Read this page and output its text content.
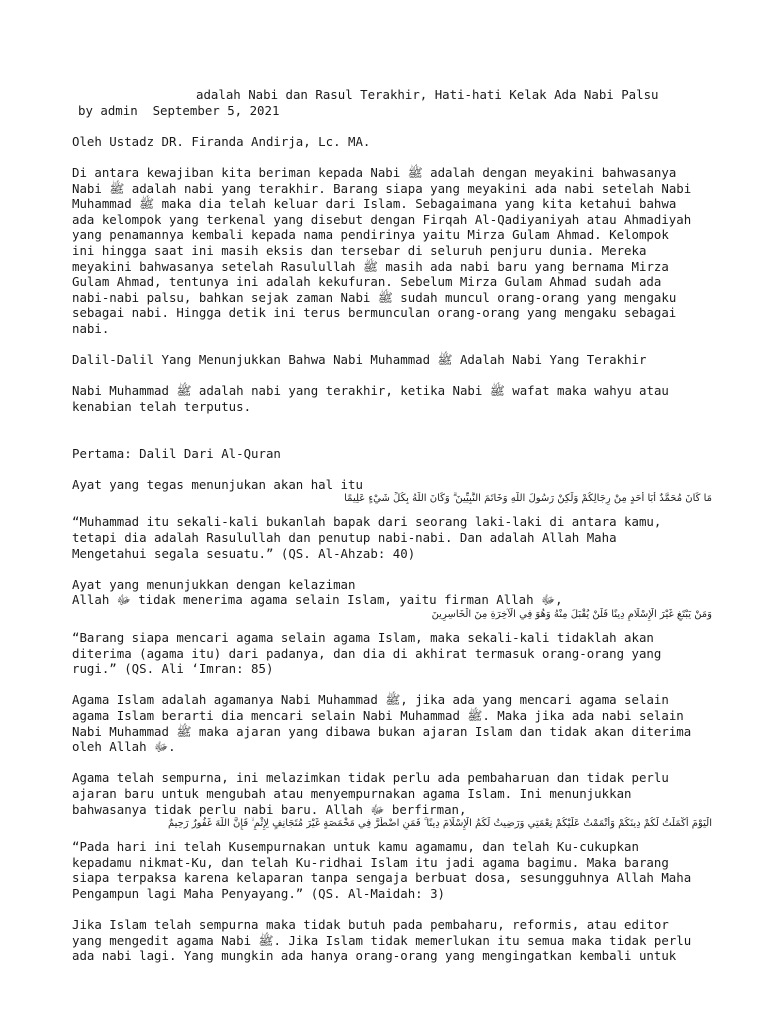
adalah Nabi dan Rasul Terakhir, Hati-hati Kelak Ada Nabi Palsu
by admin  September 5, 2021
Oleh Ustadz DR. Firanda Andirja, Lc. MA.
Di antara kewajiban kita beriman kepada Nabi ﷺ adalah dengan meyakini bahwasanya
Nabi ﷺ adalah nabi yang terakhir. Barang siapa yang meyakini ada nabi setelah Nabi
Muhammad ﷺ maka dia telah keluar dari Islam. Sebagaimana yang kita ketahui bahwa
ada kelompok yang terkenal yang disebut dengan Firqah Al-Qadiyaniyah atau Ahmadiyah
yang penamannya kembali kepada nama pendirinya yaitu Mirza Gulam Ahmad. Kelompok
ini hingga saat ini masih eksis dan tersebar di seluruh penjuru dunia. Mereka
meyakini bahwasanya setelah Rasulullah ﷺ masih ada nabi baru yang bernama Mirza
Gulam Ahmad, tentunya ini adalah kekufuran. Sebelum Mirza Gulam Ahmad sudah ada
nabi-nabi palsu, bahkan sejak zaman Nabi ﷺ sudah muncul orang-orang yang mengaku
sebagai nabi. Hingga detik ini terus bermunculan orang-orang yang mengaku sebagai
nabi.
Dalil-Dalil Yang Menunjukkan Bahwa Nabi Muhammad ﷺ Adalah Nabi Yang Terakhir
Nabi Muhammad ﷺ adalah nabi yang terakhir, ketika Nabi ﷺ wafat maka wahyu atau
kenabian telah terputus.
Pertama: Dalil Dari Al-Quran
Ayat yang tegas menunjukan akan hal itu
مَا كَانَ مُحَمَّدٌ أَبَا أَحَدٍ مِنْ رِجَالِكُمْ وَلَكِنْ رَسُولَ اللَّهِ وَخَاتَمَ النَّبِيِّينَ ۗ وَكَانَ اللَّهُ بِكُلِّ شَيْءٍ عَلِيمًا
“Muhammad itu sekali-kali bukanlah bapak dari seorang laki-laki di antara kamu,
tetapi dia adalah Rasulullah dan penutup nabi-nabi. Dan adalah Allah Maha
Mengetahui segala sesuatu.” (QS. Al-Ahzab: 40)
Ayat yang menunjukkan dengan kelaziman
Allah ﷻ tidak menerima agama selain Islam, yaitu firman Allah ﷻ,
وَمَنْ يَبْتَغِ غَيْرَ الْإِسْلَامِ دِينًا فَلَنْ يُقْبَلَ مِنْهُ وَهُوَ فِي الْآخِرَةِ مِنَ الْخَاسِرِينَ
“Barang siapa mencari agama selain agama Islam, maka sekali-kali tidaklah akan
diterima (agama itu) dari padanya, dan dia di akhirat termasuk orang-orang yang
rugi.” (QS. Ali ‘Imran: 85)
Agama Islam adalah agamanya Nabi Muhammad ﷺ, jika ada yang mencari agama selain
agama Islam berarti dia mencari selain Nabi Muhammad ﷺ. Maka jika ada nabi selain
Nabi Muhammad ﷺ maka ajaran yang dibawa bukan ajaran Islam dan tidak akan diterima
oleh Allah ﷻ.
Agama telah sempurna, ini melazimkan tidak perlu ada pembaharuan dan tidak perlu
ajaran baru untuk mengubah atau menyempurnakan agama Islam. Ini menunjukkan
bahwasanya tidak perlu nabi baru. Allah ﷻ berfirman,
الْيَوْمَ أَكْمَلْتُ لَكُمْ دِينَكُمْ وَأَتْمَمْتُ عَلَيْكُمْ نِعْمَتِي وَرَضِيتُ لَكُمُ الْإِسْلَامَ دِينًا ۚ فَمَنِ اضْطُرَّ فِي مَخْمَصَةٍ غَيْرَ مُتَجَانِفٍ لِإِثْمٍ ۙ فَإِنَّ اللَّهَ غَفُورٌ رَحِيمٌ
“Pada hari ini telah Kusempurnakan untuk kamu agamamu, dan telah Ku-cukupkan
kepadamu nikmat-Ku, dan telah Ku-ridhai Islam itu jadi agama bagimu. Maka barang
siapa terpaksa karena kelaparan tanpa sengaja berbuat dosa, sesungguhnya Allah Maha
Pengampun lagi Maha Penyayang.” (QS. Al-Maidah: 3)
Jika Islam telah sempurna maka tidak butuh pada pembaharu, reformis, atau editor
yang mengedit agama Nabi ﷺ. Jika Islam tidak memerlukan itu semua maka tidak perlu
ada nabi lagi. Yang mungkin ada hanya orang-orang yang mengingatkan kembali untuk
